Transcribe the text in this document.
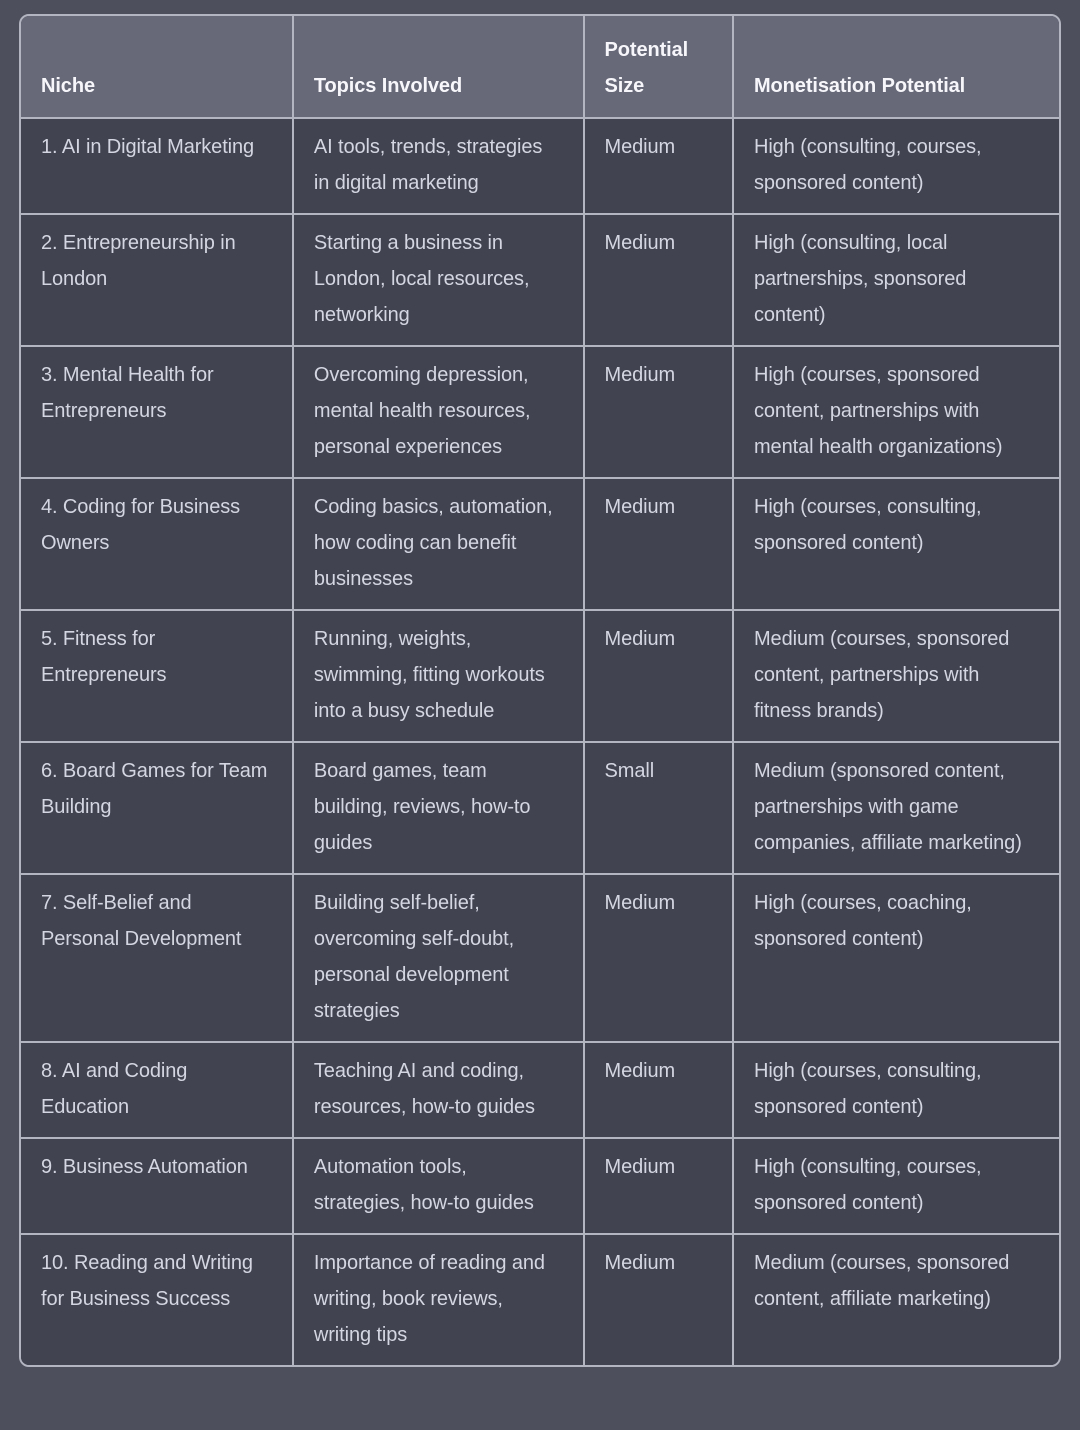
Niche	Topics Involved	Potential Size	Monetisation Potential
1. AI in Digital Marketing	AI tools, trends, strategies in digital marketing	Medium	High (consulting, courses, sponsored content)
2. Entrepreneurship in London	Starting a business in London, local resources, networking	Medium	High (consulting, local partnerships, sponsored content)
3. Mental Health for Entrepreneurs	Overcoming depression, mental health resources, personal experiences	Medium	High (courses, sponsored content, partnerships with mental health organizations)
4. Coding for Business Owners	Coding basics, automation, how coding can benefit businesses	Medium	High (courses, consulting, sponsored content)
5. Fitness for Entrepreneurs	Running, weights, swimming, fitting workouts into a busy schedule	Medium	Medium (courses, sponsored content, partnerships with fitness brands)
6. Board Games for Team Building	Board games, team building, reviews, how-to guides	Small	Medium (sponsored content, partnerships with game companies, affiliate marketing)
7. Self-Belief and Personal Development	Building self-belief, overcoming self-doubt, personal development strategies	Medium	High (courses, coaching, sponsored content)
8. AI and Coding Education	Teaching AI and coding, resources, how-to guides	Medium	High (courses, consulting, sponsored content)
9. Business Automation	Automation tools, strategies, how-to guides	Medium	High (consulting, courses, sponsored content)
10. Reading and Writing for Business Success	Importance of reading and writing, book reviews, writing tips	Medium	Medium (courses, sponsored content, affiliate marketing)
